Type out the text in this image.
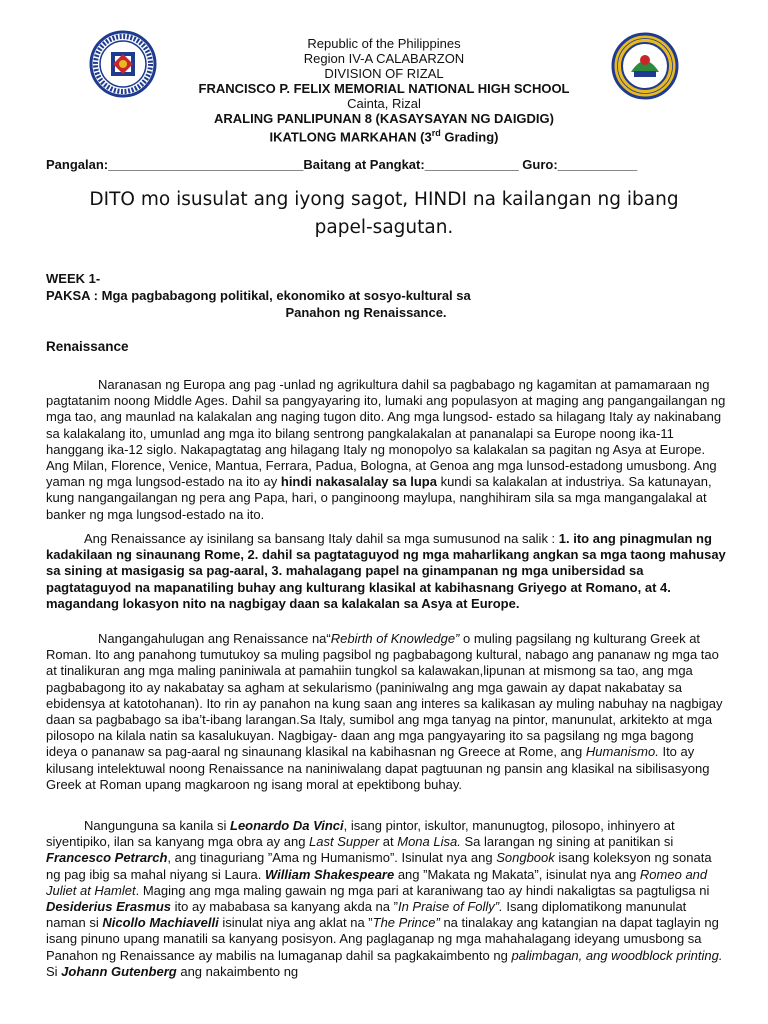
Republic of the Philippines
Region IV-A CALABARZON
DIVISION OF RIZAL
FRANCISCO P. FELIX MEMORIAL NATIONAL HIGH SCHOOL
Cainta, Rizal
ARALING PANLIPUNAN 8 (KASAYSAYAN NG DAIGDIG)
IKATLONG MARKAHAN (3rd Grading)
Pangalan:___________________________Baitang at Pangkat:_____________ Guro:___________
DITO mo isusulat ang iyong sagot, HINDI na kailangan ng ibang
papel-sagutan.
WEEK 1-
PAKSA : Mga pagbabagong politikal, ekonomiko at sosyo-kultural sa
Panahon ng Renaissance.
Renaissance

Naranasan ng Europa ang pag -unlad ng agrikultura dahil sa pagbabago ng kagamitan at pamamaraan ng pagtatanim noong Middle Ages. Dahil sa pangyayaring ito, lumaki ang populasyon at maging ang pangangailangan ng mga tao, ang maunlad na kalakalan ang naging tugon dito. Ang mga lungsod- estado sa hilagang Italy ay nakinabang sa kalakalang ito, umunlad ang mga ito bilang sentrong pangkalakalan at pananalapi sa Europe noong ika-11 hanggang ika-12 siglo. Nakapagtatag ang hilagang Italy ng monopolyo sa kalakalan sa pagitan ng Asya at Europe. Ang Milan, Florence, Venice, Mantua, Ferrara, Padua, Bologna, at Genoa ang mga lunsod-estadong umusbong. Ang yaman ng mga lungsod-estado na ito ay hindi nakasalalay sa lupa kundi sa kalakalan at industriya. Sa katunayan, kung nangangailangan ng pera ang Papa, hari, o panginoong maylupa, nanghihiram sila sa mga mangangalakal at banker ng mga lungsod-estado na ito.

Ang Renaissance ay isinilang sa bansang Italy dahil sa mga sumusunod na salik : 1. ito ang pinagmulan ng kadakilaan ng sinaunang Rome, 2. dahil sa pagtataguyod ng mga maharlikang angkan sa mga taong mahusay sa sining at masigasig sa pag-aaral, 3. mahalagang papel na ginampanan ng mga unibersidad sa pagtataguyod na mapanatiling buhay ang kulturang klasikal at kabihasnang Griyego at Romano, at 4. magandang lokasyon nito na nagbigay daan sa kalakalan sa Asya at Europe.

Nangangahulugan ang Renaissance na“Rebirth of Knowledge” o muling pagsilang ng kulturang Greek at Roman. Ito ang panahong tumutukoy sa muling pagsibol ng pagbabagong kultural, nabago ang pananaw ng mga tao at tinalikuran ang mga maling paniniwala at pamahiin tungkol sa kalawakan,lipunan at mismong sa tao, ang mga pagbabagong ito ay nakabatay sa agham at sekularismo (paniniwalng ang mga gawain ay dapat nakabatay sa ebidensya at katotohanan). Ito rin ay panahon na kung saan ang interes sa kalikasan ay muling nabuhay na nagbigay daan sa pagbabago sa iba’t-ibang larangan.Sa Italy, sumibol ang mga tanyag na pintor, manunulat, arkitekto at mga pilosopo na kilala natin sa kasalukuyan. Nagbigay- daan ang mga pangyayaring ito sa pagsilang ng mga bagong ideya o pananaw sa pag-aaral ng sinaunang klasikal na kabihasnan ng Greece at Rome, ang Humanismo. Ito ay kilusang intelektuwal noong Renaissance na naniniwalang dapat pagtuunan ng pansin ang klasikal na sibilisasyong Greek at Roman upang magkaroon ng isang moral at epektibong buhay.

Nangunguna sa kanila si Leonardo Da Vinci, isang pintor, iskultor, manunugtog, pilosopo, inhinyero at siyentipiko, ilan sa kanyang mga obra ay ang Last Supper at Mona Lisa. Sa larangan ng sining at panitikan si Francesco Petrarch, ang tinaguriang ”Ama ng Humanismo”. Isinulat nya ang Songbook isang koleksyon ng sonata ng pag ibig sa mahal niyang si Laura. William Shakespeare ang ”Makata ng Makata”, isinulat nya ang Romeo and Juliet at Hamlet. Maging ang mga maling gawain ng mga pari at karaniwang tao ay hindi nakaligtas sa pagtuligsa ni Desiderius Erasmus ito ay mababasa sa kanyang akda na ”In Praise of Folly”. Isang diplomatikong manunulat naman si Nicollo Machiavelli isinulat niya ang aklat na ”The Prince” na tinalakay ang katangian na dapat taglayin ng isang pinuno upang manatili sa kanyang posisyon. Ang paglaganap ng mga mahahalagang ideyang umusbong sa Panahon ng Renaissance ay mabilis na lumaganap dahil sa pagkakaimbento ng palimbagan, ang woodblock printing. Si Johann Gutenberg ang nakaimbento ng
